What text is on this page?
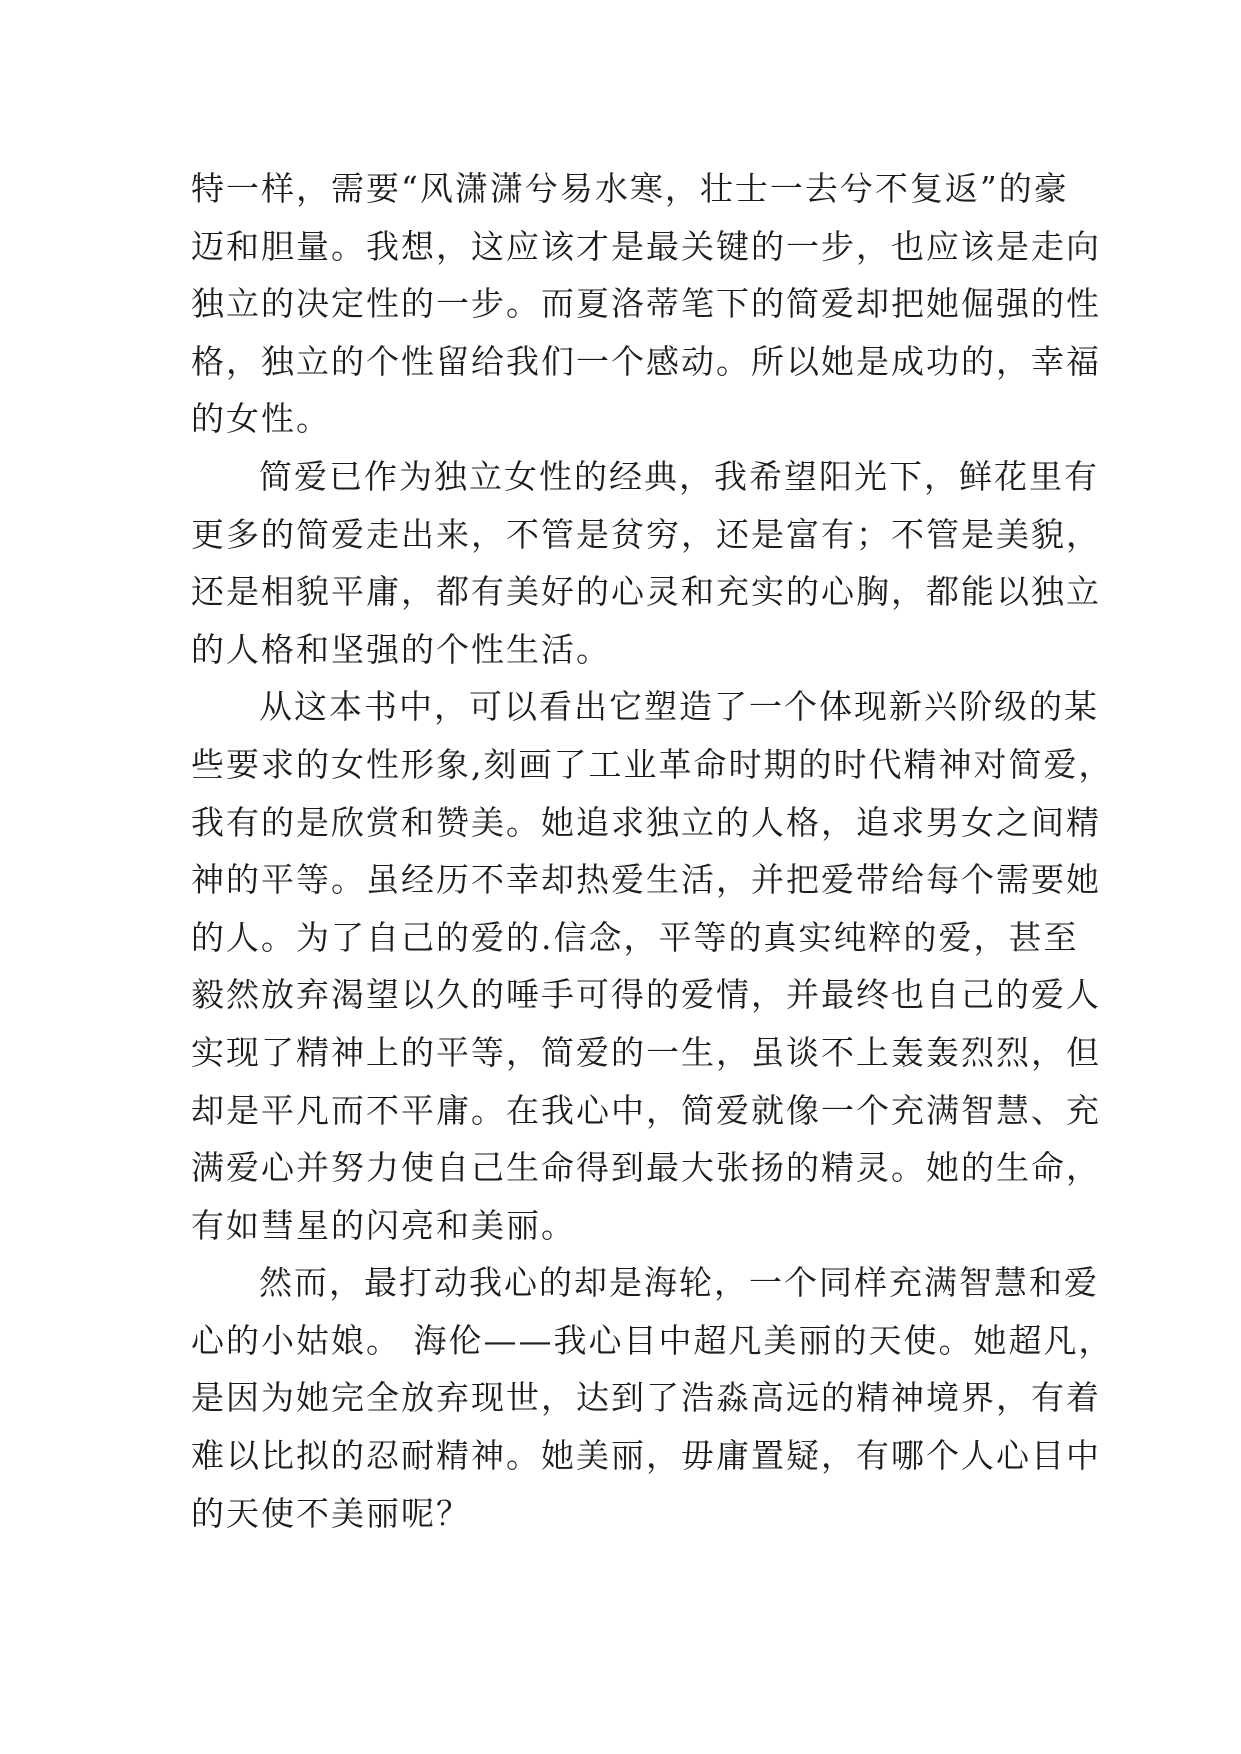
特一样，需要“风潇潇兮易水寒，壮士一去兮不复返”的豪
迈和胆量。我想，这应该才是最关键的一步，也应该是走向
独立的决定性的一步。而夏洛蒂笔下的简爱却把她倔强的性
格，独立的个性留给我们一个感动。所以她是成功的，幸福
的女性。
简爱已作为独立女性的经典，我希望阳光下，鲜花里有
更多的简爱走出来，不管是贫穷，还是富有；不管是美貌，
还是相貌平庸，都有美好的心灵和充实的心胸，都能以独立
的人格和坚强的个性生活。
从这本书中，可以看出它塑造了一个体现新兴阶级的某
些要求的女性形象,刻画了工业革命时期的时代精神对简爱，
我有的是欣赏和赞美。她追求独立的人格，追求男女之间精
神的平等。虽经历不幸却热爱生活，并把爱带给每个需要她
的人。为了自己的爱的.信念，平等的真实纯粹的爱，甚至
毅然放弃渴望以久的唾手可得的爱情，并最终也自己的爱人
实现了精神上的平等，简爱的一生，虽谈不上轰轰烈烈，但
却是平凡而不平庸。在我心中，简爱就像一个充满智慧、充
满爱心并努力使自己生命得到最大张扬的精灵。她的生命，
有如彗星的闪亮和美丽。
然而，最打动我心的却是海轮，一个同样充满智慧和爱
心的小姑娘。 海伦——我心目中超凡美丽的天使。她超凡，
是因为她完全放弃现世，达到了浩淼高远的精神境界，有着
难以比拟的忍耐精神。她美丽，毋庸置疑，有哪个人心目中
的天使不美丽呢？
